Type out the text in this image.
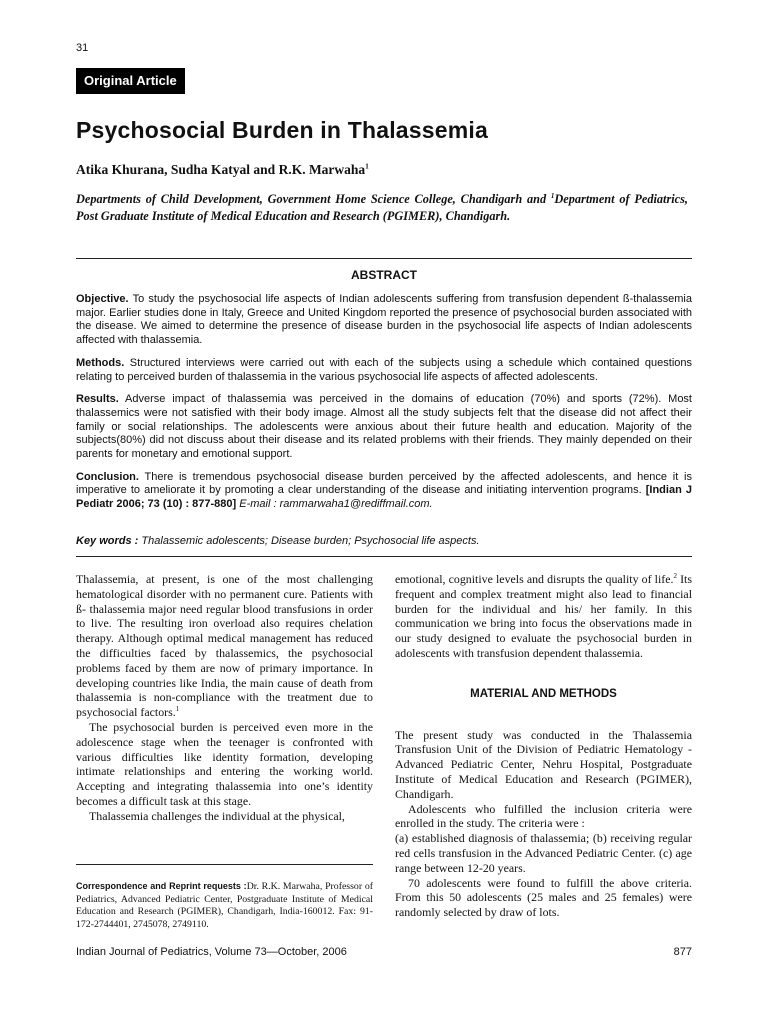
31
Original Article
Psychosocial Burden in Thalassemia
Atika Khurana, Sudha Katyal and R.K. Marwaha$^1$
Departments of Child Development, Government Home Science College, Chandigarh and $^1$Department of Pediatrics, Post Graduate Institute of Medical Education and Research (PGIMER), Chandigarh.
ABSTRACT

Objective. To study the psychosocial life aspects of Indian adolescents suffering from transfusion dependent ß-thalassemia major. Earlier studies done in Italy, Greece and United Kingdom reported the presence of psychosocial burden associated with the disease. We aimed to determine the presence of disease burden in the psychosocial life aspects of Indian adolescents affected with thalassemia.

Methods. Structured interviews were carried out with each of the subjects using a schedule which contained questions relating to perceived burden of thalassemia in the various psychosocial life aspects of affected adolescents.

Results. Adverse impact of thalassemia was perceived in the domains of education (70%) and sports (72%). Most thalassemics were not satisfied with their body image. Almost all the study subjects felt that the disease did not affect their family or social relationships. The adolescents were anxious about their future health and education. Majority of the subjects(80%) did not discuss about their disease and its related problems with their friends. They mainly depended on their parents for monetary and emotional support.

Conclusion. There is tremendous psychosocial disease burden perceived by the affected adolescents, and hence it is imperative to ameliorate it by promoting a clear understanding of the disease and initiating intervention programs. [Indian J Pediatr 2006; 73 (10) : 877-880] E-mail : rammarwaha1@rediffmail.com.

Key words : Thalassemic adolescents; Disease burden; Psychosocial life aspects.

Thalassemia, at present, is one of the most challenging hematological disorder with no permanent cure. Patients with ß- thalassemia major need regular blood transfusions in order to live. The resulting iron overload also requires chelation therapy. Although optimal medical management has reduced the difficulties faced by thalassemics, the psychosocial problems faced by them are now of primary importance. In developing countries like India, the main cause of death from thalassemia is non-compliance with the treatment due to psychosocial factors.$^1$

The psychosocial burden is perceived even more in the adolescence stage when the teenager is confronted with various difficulties like identity formation, developing intimate relationships and entering the working world. Accepting and integrating thalassemia into one’s identity becomes a difficult task at this stage.

Thalassemia challenges the individual at the physical,

Correspondence and Reprint requests :Dr. R.K. Marwaha, Professor of Pediatrics, Advanced Pediatric Center, Postgraduate Institute of Medical Education and Research (PGIMER), Chandigarh, India-160012. Fax: 91-172-2744401, 2745078, 2749110.

emotional, cognitive levels and disrupts the quality of life.$^2$ Its frequent and complex treatment might also lead to financial burden for the individual and his/ her family. In this communication we bring into focus the observations made in our study designed to evaluate the psychosocial burden in adolescents with transfusion dependent thalassemia.

MATERIAL AND METHODS

The present study was conducted in the Thalassemia Transfusion Unit of the Division of Pediatric Hematology - Advanced Pediatric Center, Nehru Hospital, Postgraduate Institute of Medical Education and Research (PGIMER), Chandigarh.

Adolescents who fulfilled the inclusion criteria were enrolled in the study. The criteria were :

(a) established diagnosis of thalassemia; (b) receiving regular red cells transfusion in the Advanced Pediatric Center. (c) age range between 12-20 years.

70 adolescents were found to fulfill the above criteria. From this 50 adolescents (25 males and 25 females) were randomly selected by draw of lots.

Indian Journal of Pediatrics, Volume 73—October, 2006	877
